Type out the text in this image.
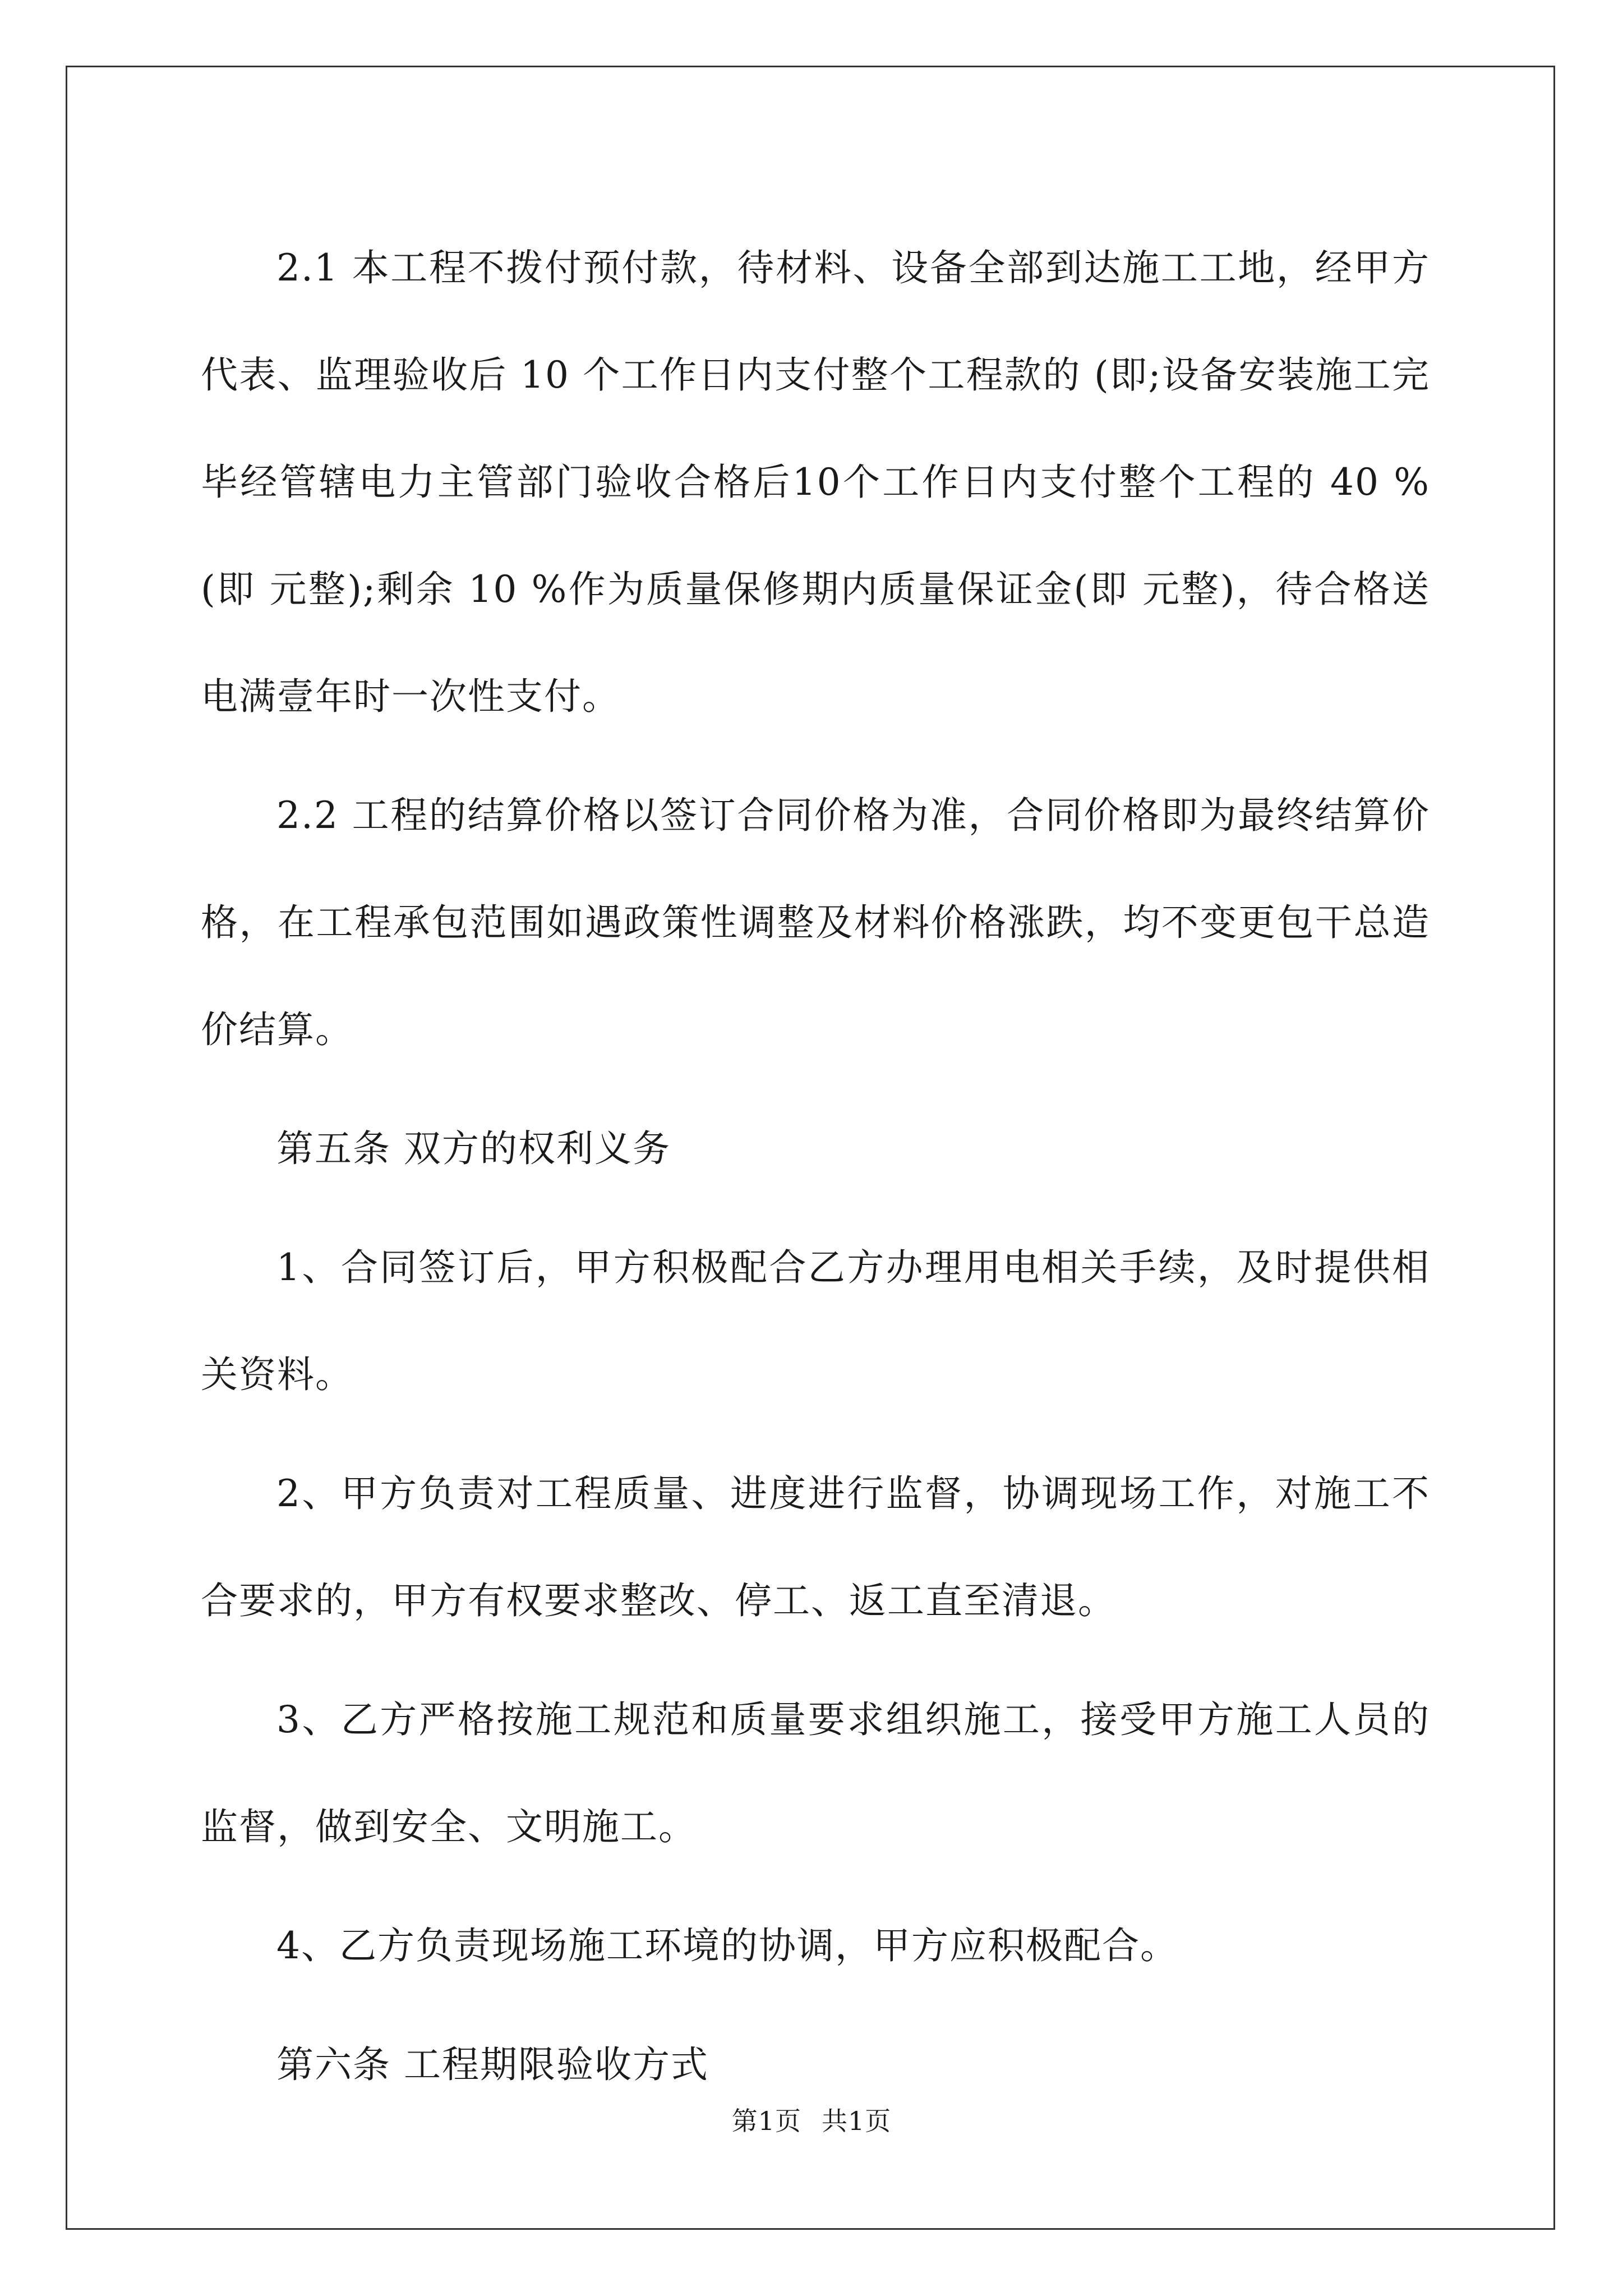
2.1 本工程不拨付预付款，待材料、设备全部到达施工工地，经甲方代表、监理验收后 10 个工作日内支付整个工程款的 (即;设备安装施工完毕经管辖电力主管部门验收合格后10个工作日内支付整个工程的 40 %(即 元整);剩余 10 %作为质量保修期内质量保证金(即 元整)，待合格送电满壹年时一次性支付。

2.2 工程的结算价格以签订合同价格为准，合同价格即为最终结算价格，在工程承包范围如遇政策性调整及材料价格涨跌，均不变更包干总造价结算。

第五条 双方的权利义务

1、合同签订后，甲方积极配合乙方办理用电相关手续，及时提供相关资料。

2、甲方负责对工程质量、进度进行监督，协调现场工作，对施工不合要求的，甲方有权要求整改、停工、返工直至清退。

3、乙方严格按施工规范和质量要求组织施工，接受甲方施工人员的监督，做到安全、文明施工。

4、乙方负责现场施工环境的协调，甲方应积极配合。

第六条 工程期限验收方式

第1页 共1页
